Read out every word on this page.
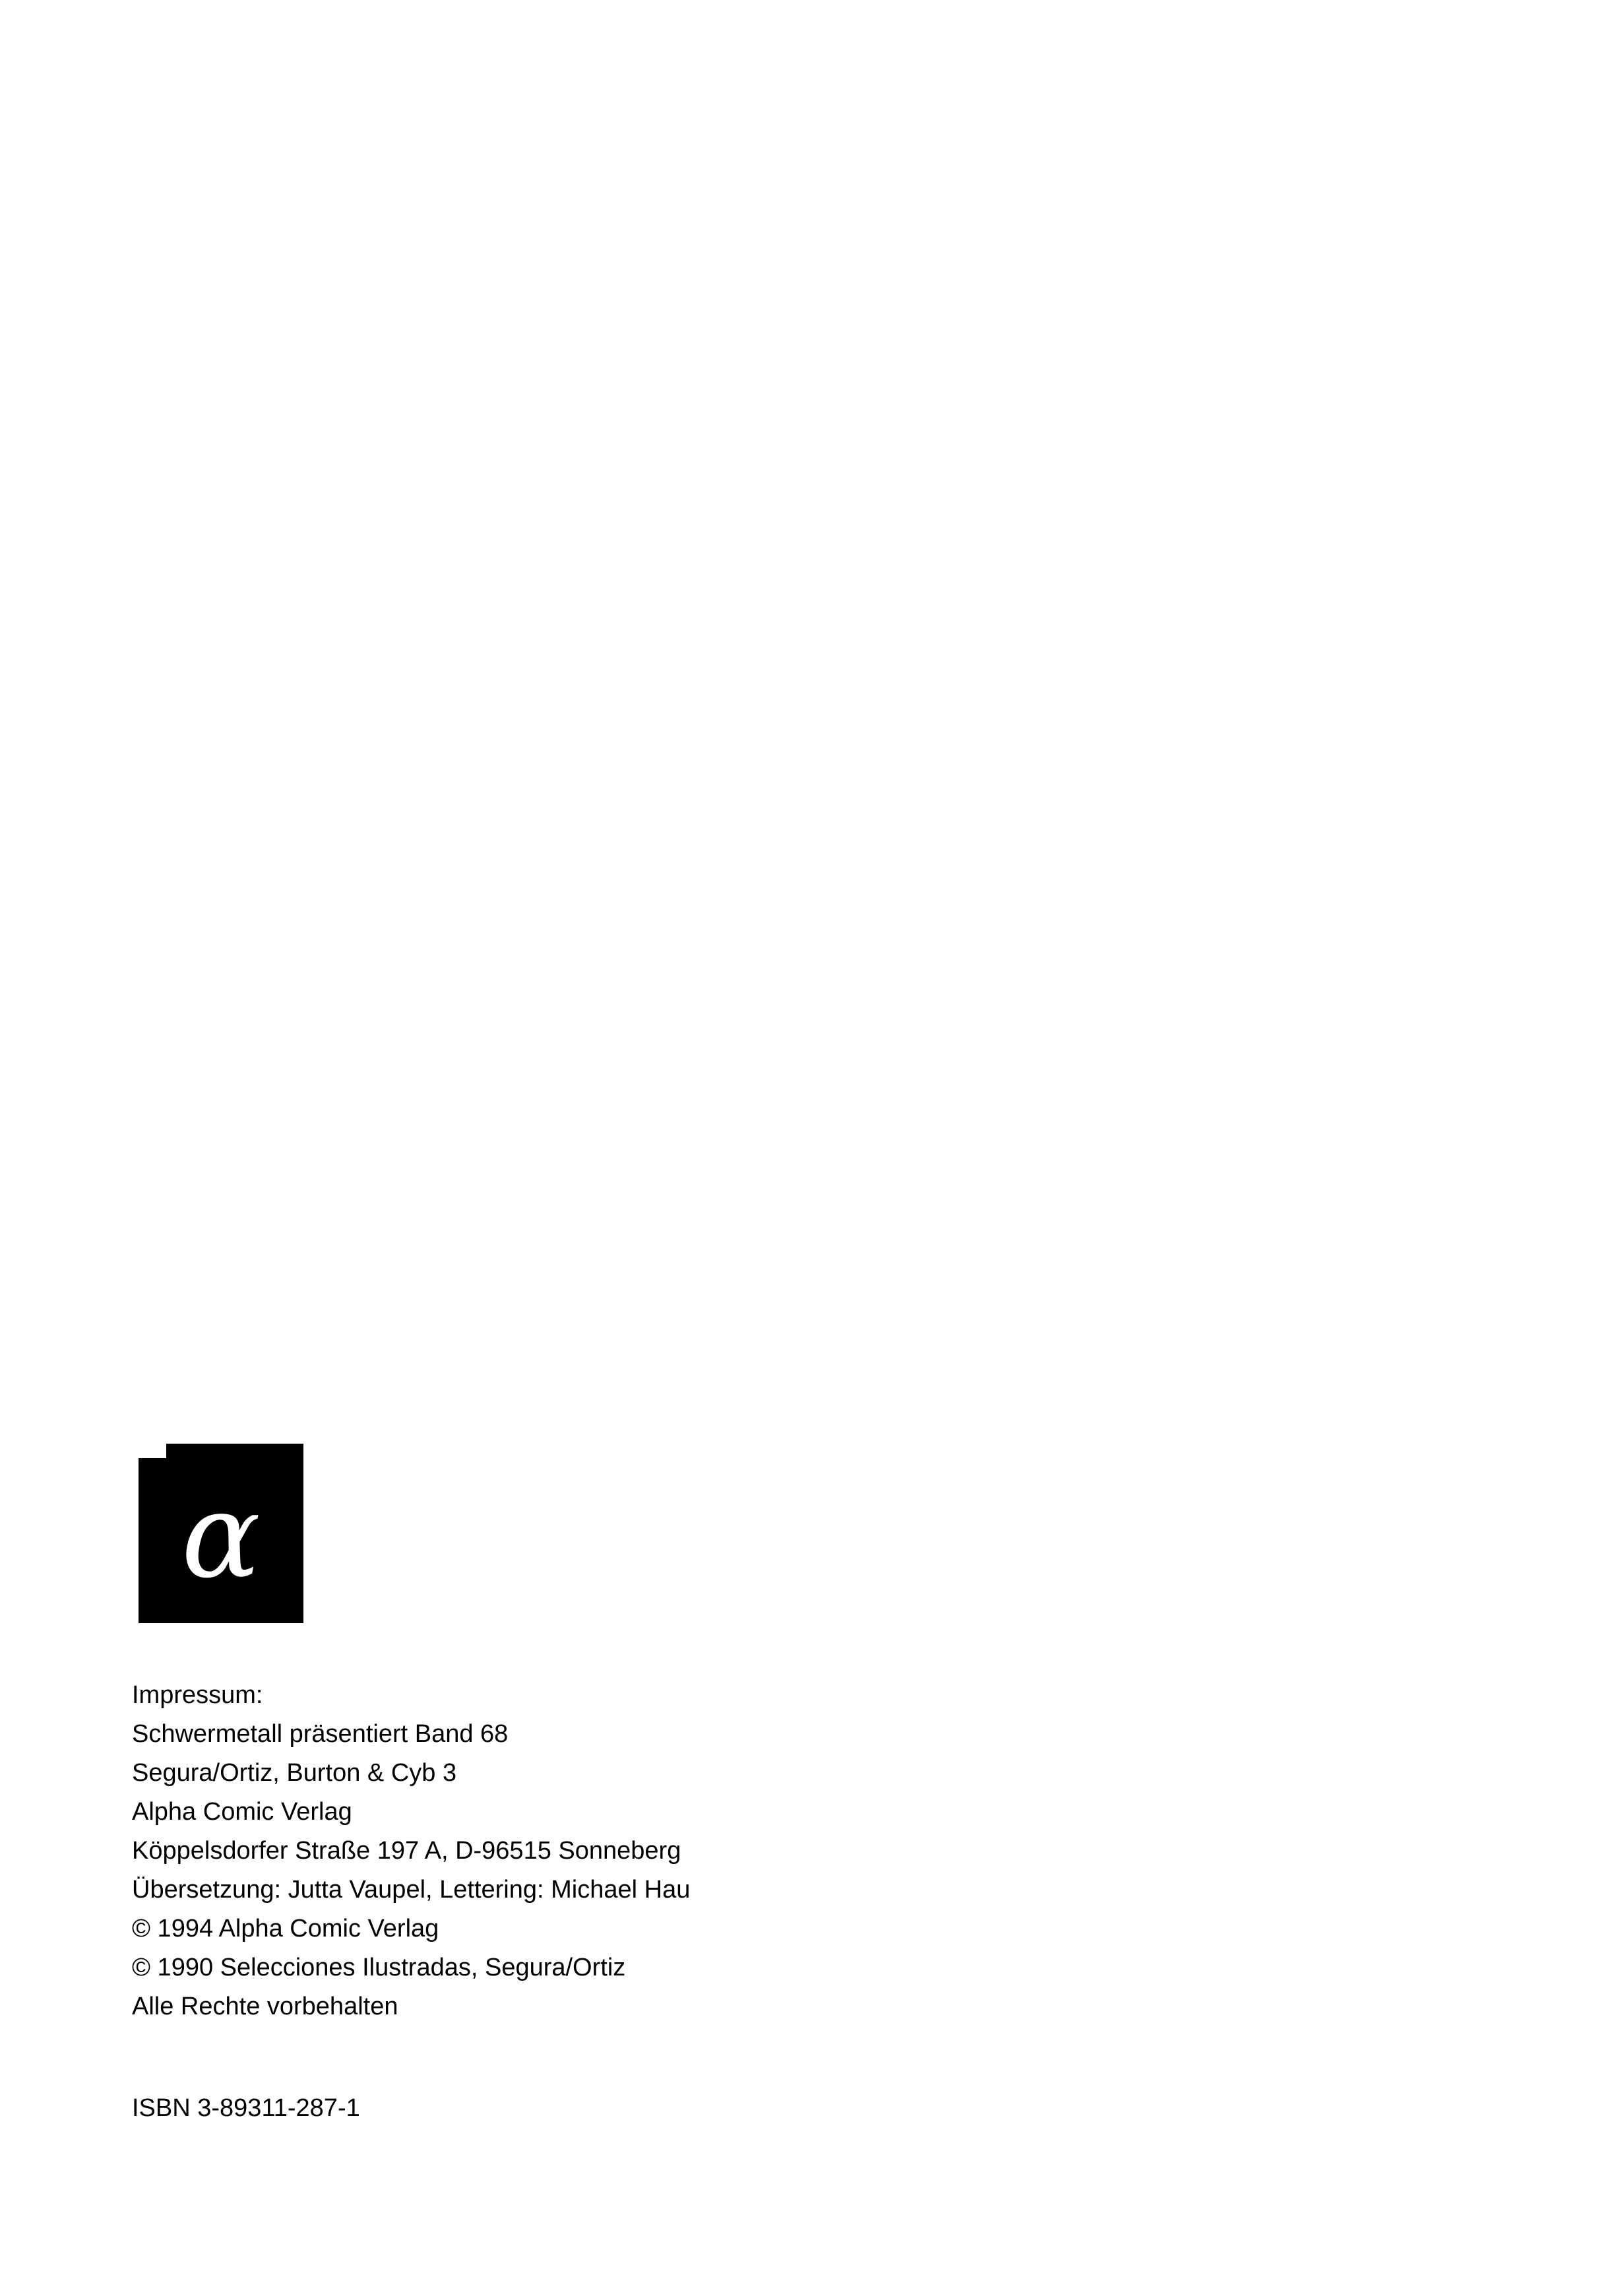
α
Impressum:
Schwermetall präsentiert Band 68
Segura/Ortiz, Burton & Cyb 3
Alpha Comic Verlag
Köppelsdorfer Straße 197 A, D-96515 Sonneberg
Übersetzung: Jutta Vaupel, Lettering: Michael Hau
© 1994 Alpha Comic Verlag
© 1990 Selecciones Ilustradas, Segura/Ortiz
Alle Rechte vorbehalten
ISBN 3-89311-287-1
